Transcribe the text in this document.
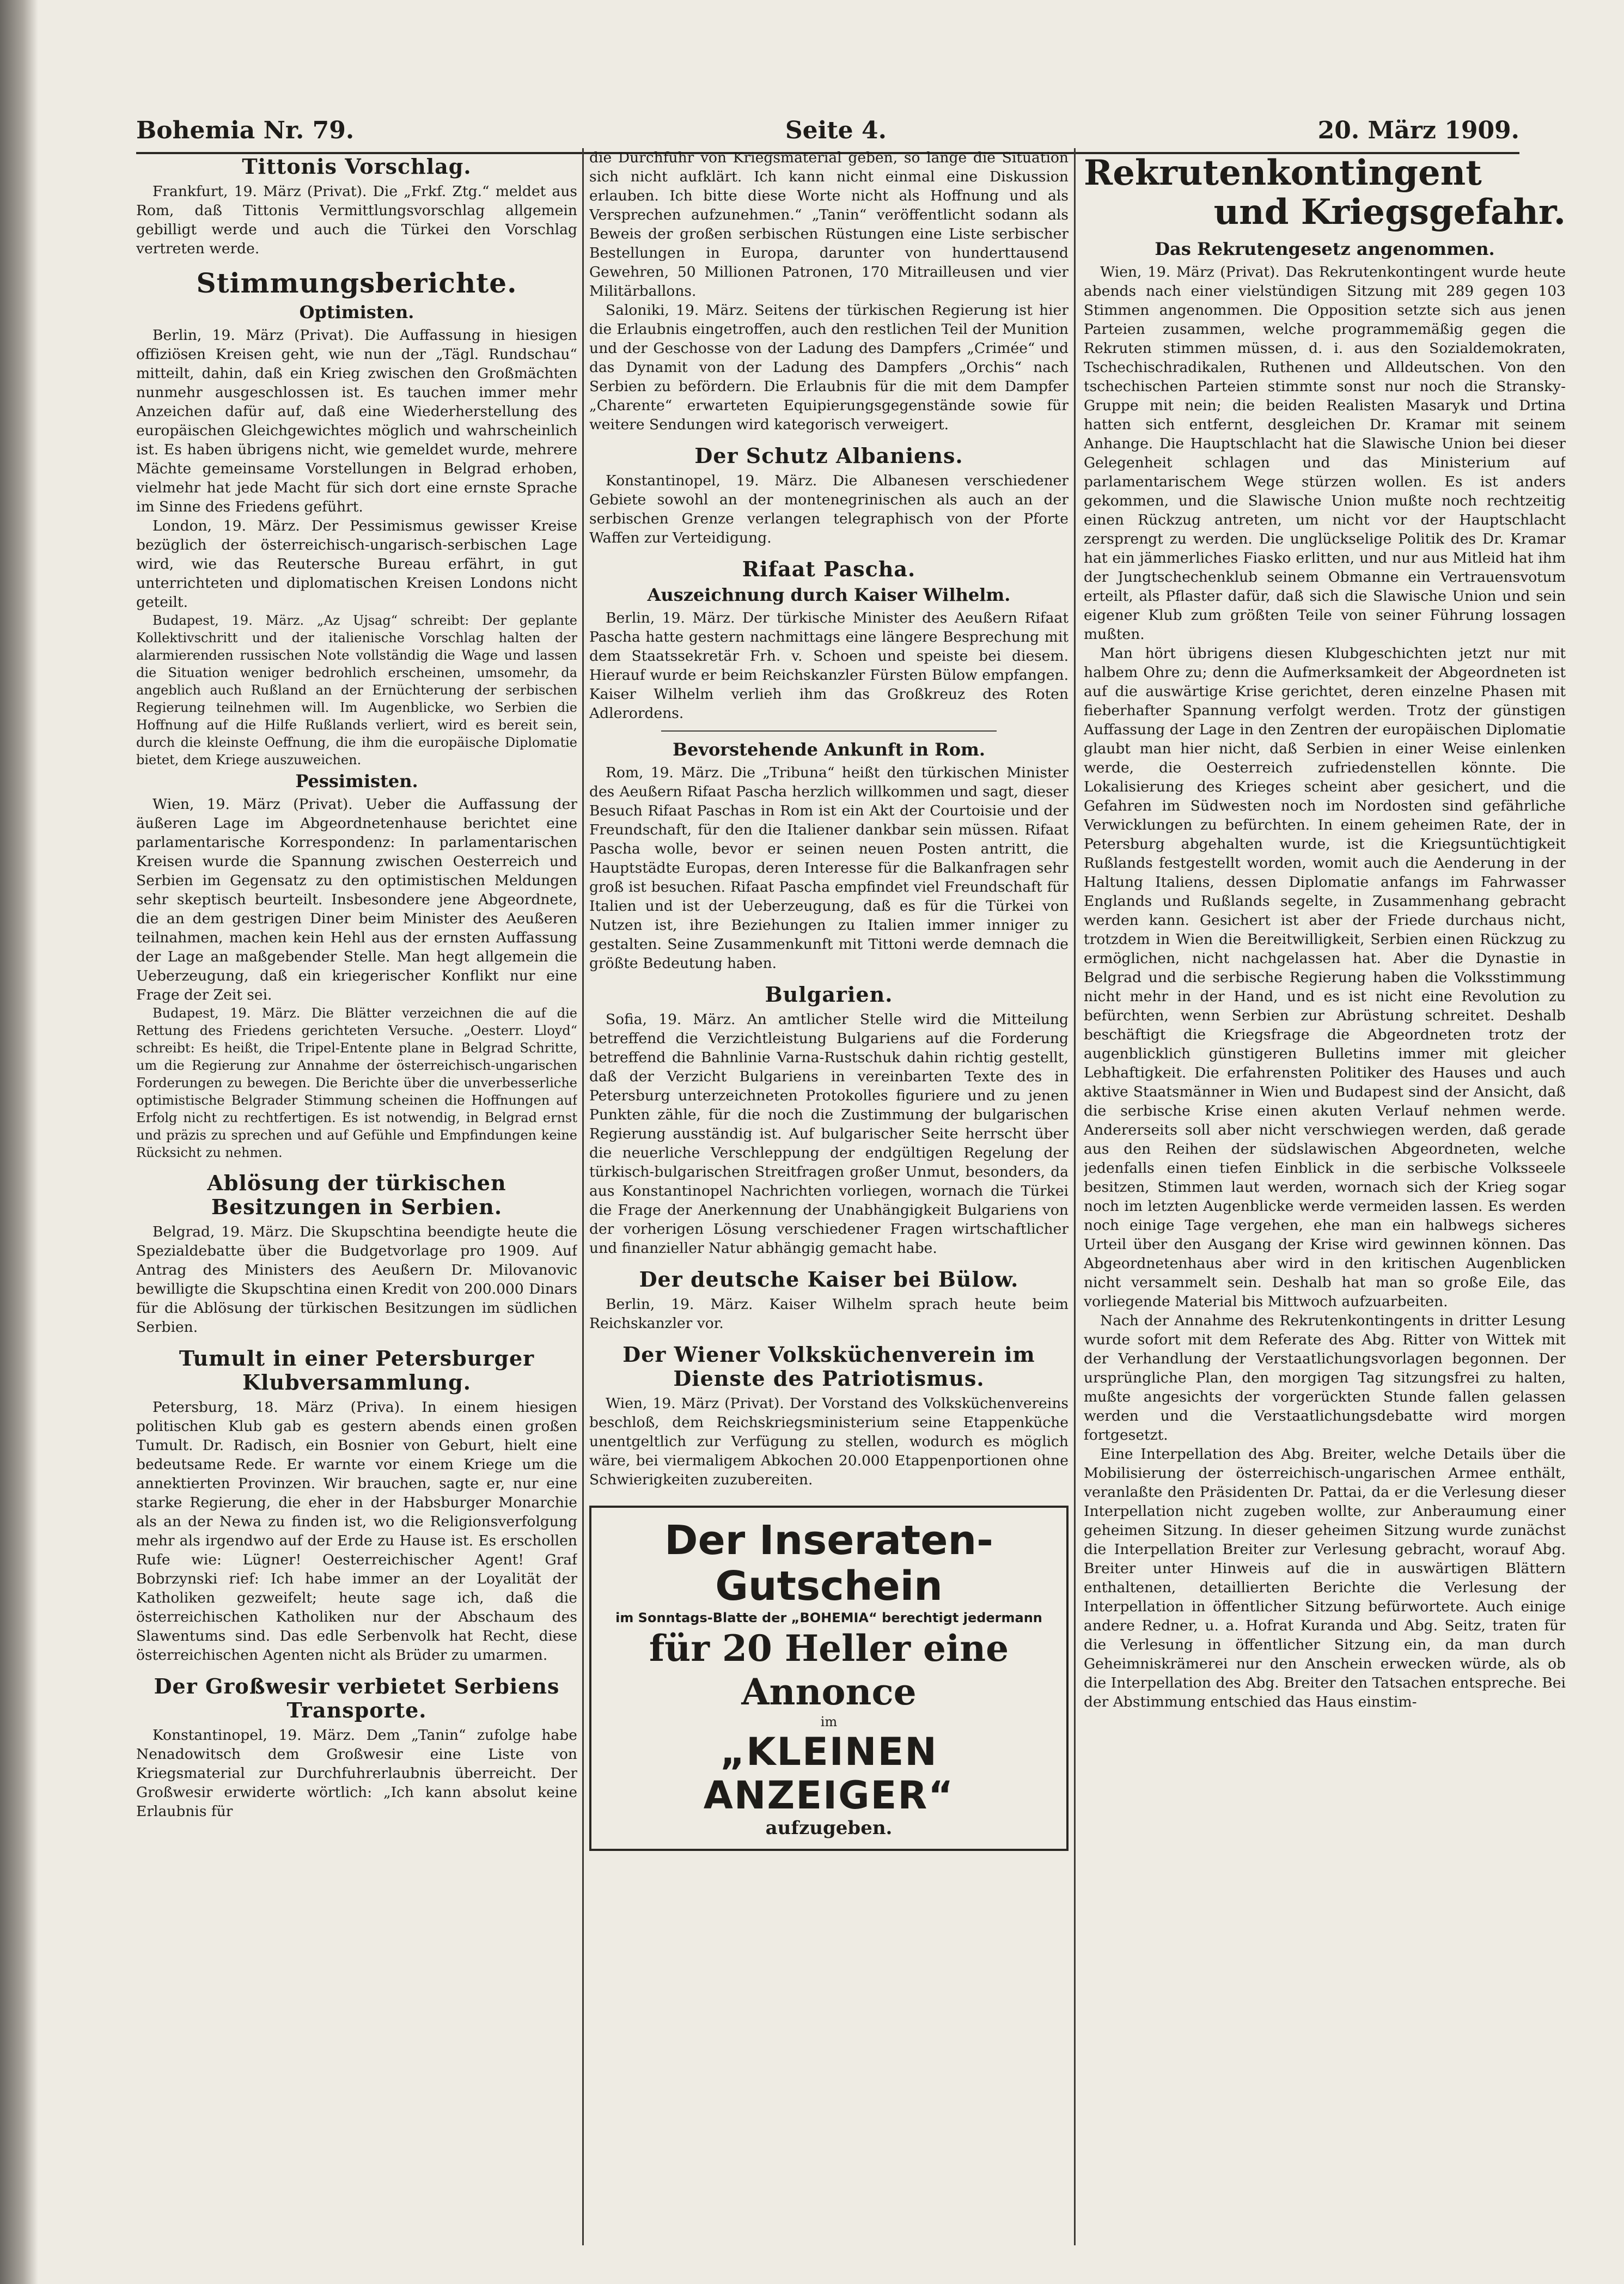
Bohemia Nr. 79.	Seite 4.	20. März 1909.
Tittonis Vorschlag.

Frankfurt, 19. März (Privat). Die „Frkf. Ztg.“ meldet aus Rom, daß Tittonis Vermittlungsvorschlag allgemein gebilligt werde und auch die Türkei den Vorschlag vertreten werde.

Stimmungsberichte.
Optimisten.

Berlin, 19. März (Privat). Die Auffassung in hiesigen offiziösen Kreisen geht, wie nun der „Tägl. Rundschau“ mitteilt, dahin, daß ein Krieg zwischen den Großmächten nunmehr ausgeschlossen ist. Es tauchen immer mehr Anzeichen dafür auf, daß eine Wiederherstellung des europäischen Gleichgewichtes möglich und wahrscheinlich ist. Es haben übrigens nicht, wie gemeldet wurde, mehrere Mächte gemeinsame Vorstellungen in Belgrad erhoben, vielmehr hat jede Macht für sich dort eine ernste Sprache im Sinne des Friedens geführt.

London, 19. März. Der Pessimismus gewisser Kreise bezüglich der österreichisch-ungarisch-serbischen Lage wird, wie das Reutersche Bureau erfährt, in gut unterrichteten und diplomatischen Kreisen Londons nicht geteilt.

Budapest, 19. März. „Az Ujsag“ schreibt: Der geplante Kollektivschritt und der italienische Vorschlag halten der alarmierenden russischen Note vollständig die Wage und lassen die Situation weniger bedrohlich erscheinen, umsomehr, da angeblich auch Rußland an der Ernüchterung der serbischen Regierung teilnehmen will. Im Augenblicke, wo Serbien die Hoffnung auf die Hilfe Rußlands verliert, wird es bereit sein, durch die kleinste Oeffnung, die ihm die europäische Diplomatie bietet, dem Kriege auszuweichen.

Pessimisten.

Wien, 19. März (Privat). Ueber die Auffassung der äußeren Lage im Abgeordnetenhause berichtet eine parlamentarische Korrespondenz: In parlamentarischen Kreisen wurde die Spannung zwischen Oesterreich und Serbien im Gegensatz zu den optimistischen Meldungen sehr skeptisch beurteilt. Insbesondere jene Abgeordnete, die an dem gestrigen Diner beim Minister des Aeußeren teilnahmen, machen kein Hehl aus der ernsten Auffassung der Lage an maßgebender Stelle. Man hegt allgemein die Ueberzeugung, daß ein kriegerischer Konflikt nur eine Frage der Zeit sei.

Budapest, 19. März. Die Blätter verzeichnen die auf die Rettung des Friedens gerichteten Versuche. „Oesterr. Lloyd“ schreibt: Es heißt, die Tripel-Entente plane in Belgrad Schritte, um die Regierung zur Annahme der österreichisch-ungarischen Forderungen zu bewegen. Die Berichte über die unverbesserliche optimistische Belgrader Stimmung scheinen die Hoffnungen auf Erfolg nicht zu rechtfertigen. Es ist notwendig, in Belgrad ernst und präzis zu sprechen und auf Gefühle und Empfindungen keine Rücksicht zu nehmen.

Ablösung der türkischen Besitzungen in Serbien.

Belgrad, 19. März. Die Skupschtina beendigte heute die Spezialdebatte über die Budgetvorlage pro 1909. Auf Antrag des Ministers des Aeußern Dr. Milovanovic bewilligte die Skupschtina einen Kredit von 200.000 Dinars für die Ablösung der türkischen Besitzungen im südlichen Serbien.

Tumult in einer Petersburger Klubversammlung.

Petersburg, 18. März (Priva). In einem hiesigen politischen Klub gab es gestern abends einen großen Tumult. Dr. Radisch, ein Bosnier von Geburt, hielt eine bedeutsame Rede. Er warnte vor einem Kriege um die annektierten Provinzen. Wir brauchen, sagte er, nur eine starke Regierung, die eher in der Habsburger Monarchie als an der Newa zu finden ist, wo die Religionsverfolgung mehr als irgendwo auf der Erde zu Hause ist. Es erschollen Rufe wie: Lügner! Oesterreichischer Agent! Graf Bobrzynski rief: Ich habe immer an der Loyalität der Katholiken gezweifelt; heute sage ich, daß die österreichischen Katholiken nur der Abschaum des Slawentums sind. Das edle Serbenvolk hat Recht, diese österreichischen Agenten nicht als Brüder zu umarmen.

Der Großwesir verbietet Serbiens Transporte.

Konstantinopel, 19. März. Dem „Tanin“ zufolge habe Nenadowitsch dem Großwesir eine Liste von Kriegsmaterial zur Durchfuhrerlaubnis überreicht. Der Großwesir erwiderte wörtlich: „Ich kann absolut keine Erlaubnis für

die Durchfuhr von Kriegsmaterial geben, so lange die Situation sich nicht aufklärt. Ich kann nicht einmal eine Diskussion erlauben. Ich bitte diese Worte nicht als Hoffnung und als Versprechen aufzunehmen.“ „Tanin“ veröffentlicht sodann als Beweis der großen serbischen Rüstungen eine Liste serbischer Bestellungen in Europa, darunter von hunderttausend Gewehren, 50 Millionen Patronen, 170 Mitrailleusen und vier Militärballons.

Saloniki, 19. März. Seitens der türkischen Regierung ist hier die Erlaubnis eingetroffen, auch den restlichen Teil der Munition und der Geschosse von der Ladung des Dampfers „Crimée“ und das Dynamit von der Ladung des Dampfers „Orchis“ nach Serbien zu befördern. Die Erlaubnis für die mit dem Dampfer „Charente“ erwarteten Equipierungsgegenstände sowie für weitere Sendungen wird kategorisch verweigert.

Der Schutz Albaniens.

Konstantinopel, 19. März. Die Albanesen verschiedener Gebiete sowohl an der montenegrinischen als auch an der serbischen Grenze verlangen telegraphisch von der Pforte Waffen zur Verteidigung.

Rifaat Pascha.
Auszeichnung durch Kaiser Wilhelm.

Berlin, 19. März. Der türkische Minister des Aeußern Rifaat Pascha hatte gestern nachmittags eine längere Besprechung mit dem Staatssekretär Frh. v. Schoen und speiste bei diesem. Hierauf wurde er beim Reichskanzler Fürsten Bülow empfangen. Kaiser Wilhelm verlieh ihm das Großkreuz des Roten Adlerordens.

Bevorstehende Ankunft in Rom.

Rom, 19. März. Die „Tribuna“ heißt den türkischen Minister des Aeußern Rifaat Pascha herzlich willkommen und sagt, dieser Besuch Rifaat Paschas in Rom ist ein Akt der Courtoisie und der Freundschaft, für den die Italiener dankbar sein müssen. Rifaat Pascha wolle, bevor er seinen neuen Posten antritt, die Hauptstädte Europas, deren Interesse für die Balkanfragen sehr groß ist besuchen. Rifaat Pascha empfindet viel Freundschaft für Italien und ist der Ueberzeugung, daß es für die Türkei von Nutzen ist, ihre Beziehungen zu Italien immer inniger zu gestalten. Seine Zusammenkunft mit Tittoni werde demnach die größte Bedeutung haben.

Bulgarien.

Sofia, 19. März. An amtlicher Stelle wird die Mitteilung betreffend die Verzichtleistung Bulgariens auf die Forderung betreffend die Bahnlinie Varna-Rustschuk dahin richtig gestellt, daß der Verzicht Bulgariens in vereinbarten Texte des in Petersburg unterzeichneten Protokolles figuriere und zu jenen Punkten zähle, für die noch die Zustimmung der bulgarischen Regierung ausständig ist. Auf bulgarischer Seite herrscht über die neuerliche Verschleppung der endgültigen Regelung der türkisch-bulgarischen Streitfragen großer Unmut, besonders, da aus Konstantinopel Nachrichten vorliegen, wornach die Türkei die Frage der Anerkennung der Unabhängigkeit Bulgariens von der vorherigen Lösung verschiedener Fragen wirtschaftlicher und finanzieller Natur abhängig gemacht habe.

Der deutsche Kaiser bei Bülow.

Berlin, 19. März. Kaiser Wilhelm sprach heute beim Reichskanzler vor.

Der Wiener Volksküchenverein im Dienste des Patriotismus.

Wien, 19. März (Privat). Der Vorstand des Volksküchenvereins beschloß, dem Reichskriegsministerium seine Etappenküche unentgeltlich zur Verfügung zu stellen, wodurch es möglich wäre, bei viermaligem Abkochen 20.000 Etappenportionen ohne Schwierigkeiten zuzubereiten.

Der Inseraten-Gutschein
im Sonntags-Blatte der „BOHEMIA“ berechtigt jedermann
für 20 Heller eine Annonce
im
„KLEINEN ANZEIGER“
aufzugeben.
Rekrutenkontingent
und Kriegsgefahr.
Das Rekrutengesetz angenommen.

Wien, 19. März (Privat). Das Rekrutenkontingent wurde heute abends nach einer vielstündigen Sitzung mit 289 gegen 103 Stimmen angenommen. Die Opposition setzte sich aus jenen Parteien zusammen, welche programmemäßig gegen die Rekruten stimmen müssen, d. i. aus den Sozialdemokraten, Tschechischradikalen, Ruthenen und Alldeutschen. Von den tschechischen Parteien stimmte sonst nur noch die Stransky-Gruppe mit nein; die beiden Realisten Masaryk und Drtina hatten sich entfernt, desgleichen Dr. Kramar mit seinem Anhange. Die Hauptschlacht hat die Slawische Union bei dieser Gelegenheit schlagen und das Ministerium auf parlamentarischem Wege stürzen wollen. Es ist anders gekommen, und die Slawische Union mußte noch rechtzeitig einen Rückzug antreten, um nicht vor der Hauptschlacht zersprengt zu werden. Die unglückselige Politik des Dr. Kramar hat ein jämmerliches Fiasko erlitten, und nur aus Mitleid hat ihm der Jungtschechenklub seinem Obmanne ein Vertrauensvotum erteilt, als Pflaster dafür, daß sich die Slawische Union und sein eigener Klub zum größten Teile von seiner Führung lossagen mußten.

Man hört übrigens diesen Klubgeschichten jetzt nur mit halbem Ohre zu; denn die Aufmerksamkeit der Abgeordneten ist auf die auswärtige Krise gerichtet, deren einzelne Phasen mit fieberhafter Spannung verfolgt werden. Trotz der günstigen Auffassung der Lage in den Zentren der europäischen Diplomatie glaubt man hier nicht, daß Serbien in einer Weise einlenken werde, die Oesterreich zufriedenstellen könnte. Die Lokalisierung des Krieges scheint aber gesichert, und die Gefahren im Südwesten noch im Nordosten sind gefährliche Verwicklungen zu befürchten. In einem geheimen Rate, der in Petersburg abgehalten wurde, ist die Kriegsuntüchtigkeit Rußlands festgestellt worden, womit auch die Aenderung in der Haltung Italiens, dessen Diplomatie anfangs im Fahrwasser Englands und Rußlands segelte, in Zusammenhang gebracht werden kann. Gesichert ist aber der Friede durchaus nicht, trotzdem in Wien die Bereitwilligkeit, Serbien einen Rückzug zu ermöglichen, nicht nachgelassen hat. Aber die Dynastie in Belgrad und die serbische Regierung haben die Volksstimmung nicht mehr in der Hand, und es ist nicht eine Revolution zu befürchten, wenn Serbien zur Abrüstung schreitet. Deshalb beschäftigt die Kriegsfrage die Abgeordneten trotz der augenblicklich günstigeren Bulletins immer mit gleicher Lebhaftigkeit. Die erfahrensten Politiker des Hauses und auch aktive Staatsmänner in Wien und Budapest sind der Ansicht, daß die serbische Krise einen akuten Verlauf nehmen werde. Andererseits soll aber nicht verschwiegen werden, daß gerade aus den Reihen der südslawischen Abgeordneten, welche jedenfalls einen tiefen Einblick in die serbische Volksseele besitzen, Stimmen laut werden, wornach sich der Krieg sogar noch im letzten Augenblicke werde vermeiden lassen. Es werden noch einige Tage vergehen, ehe man ein halbwegs sicheres Urteil über den Ausgang der Krise wird gewinnen können. Das Abgeordnetenhaus aber wird in den kritischen Augenblicken nicht versammelt sein. Deshalb hat man so große Eile, das vorliegende Material bis Mittwoch aufzuarbeiten.

Nach der Annahme des Rekrutenkontingents in dritter Lesung wurde sofort mit dem Referate des Abg. Ritter von Wittek mit der Verhandlung der Verstaatlichungsvorlagen begonnen. Der ursprüngliche Plan, den morgigen Tag sitzungsfrei zu halten, mußte angesichts der vorgerückten Stunde fallen gelassen werden und die Verstaatlichungsdebatte wird morgen fortgesetzt.

Eine Interpellation des Abg. Breiter, welche Details über die Mobilisierung der österreichisch-ungarischen Armee enthält, veranlaßte den Präsidenten Dr. Pattai, da er die Verlesung dieser Interpellation nicht zugeben wollte, zur Anberaumung einer geheimen Sitzung. In dieser geheimen Sitzung wurde zunächst die Interpellation Breiter zur Verlesung gebracht, worauf Abg. Breiter unter Hinweis auf die in auswärtigen Blättern enthaltenen, detaillierten Berichte die Verlesung der Interpellation in öffentlicher Sitzung befürwortete. Auch einige andere Redner, u. a. Hofrat Kuranda und Abg. Seitz, traten für die Verlesung in öffentlicher Sitzung ein, da man durch Geheimniskrämerei nur den Anschein erwecken würde, als ob die Interpellation des Abg. Breiter den Tatsachen entspreche. Bei der Abstimmung entschied das Haus einstim-
